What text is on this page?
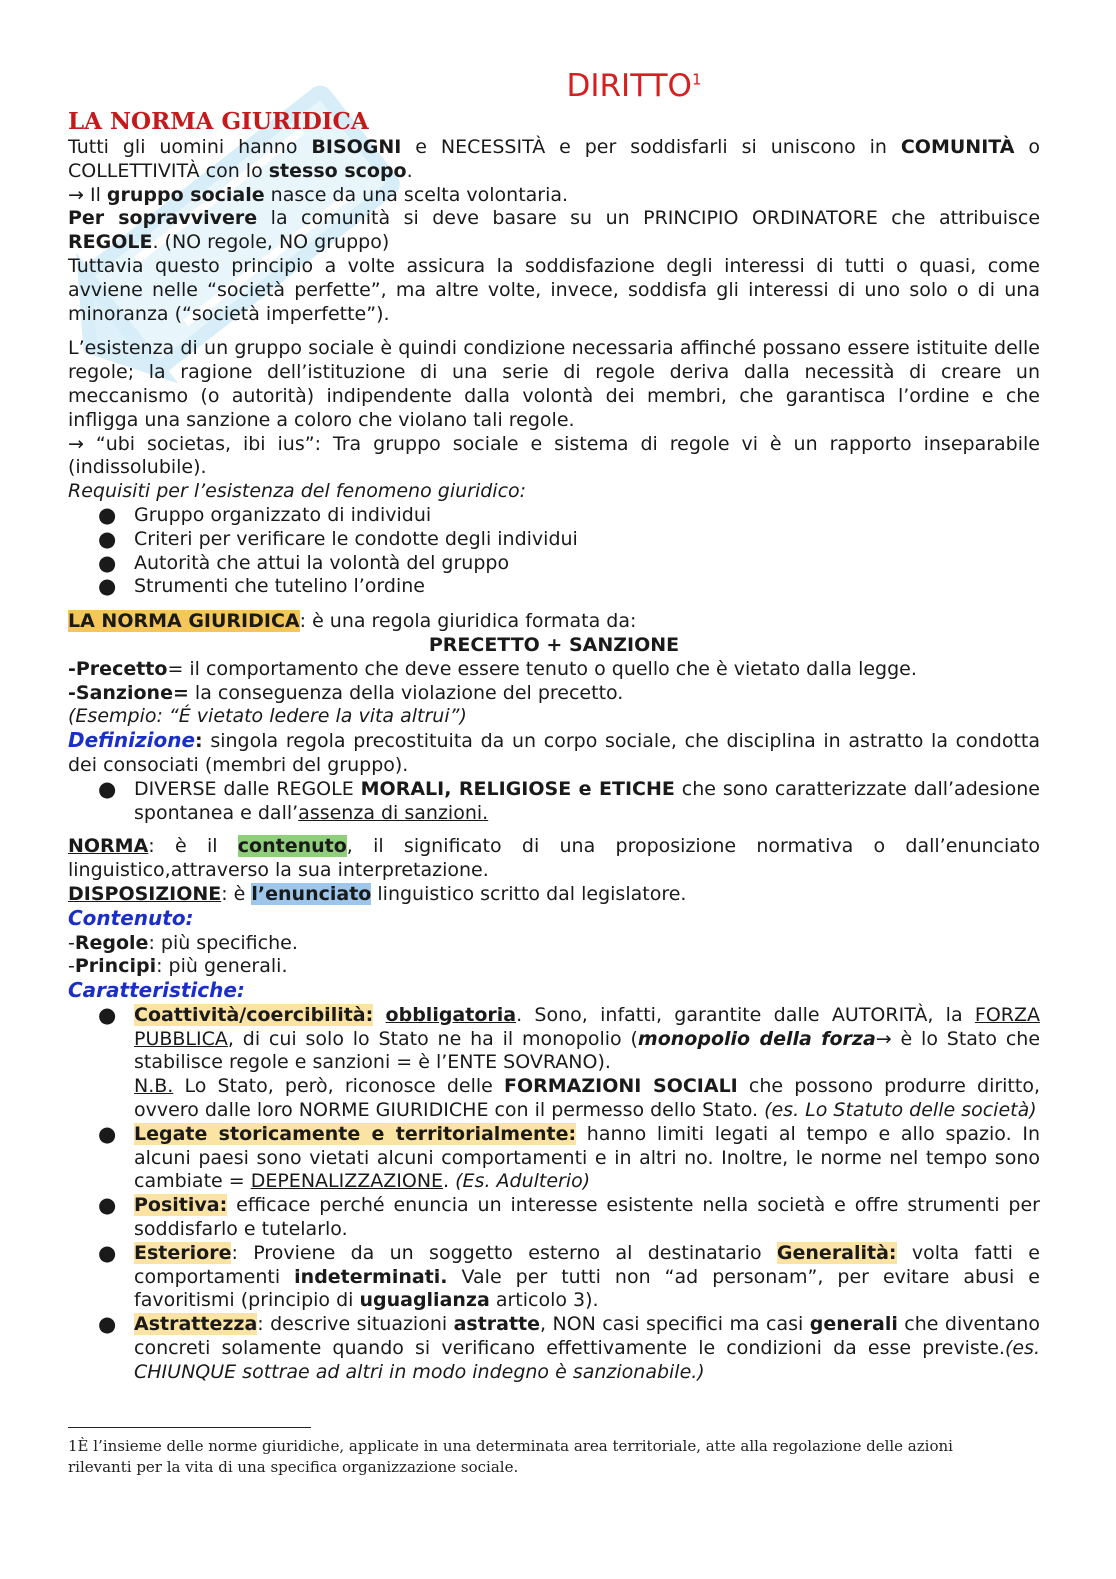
DIRITTO$^1$
LA NORMA GIURIDICA

Tutti gli uomini hanno BISOGNI e NECESSITÀ e per soddisfarli si uniscono in COMUNITÀ o COLLETTIVITÀ con lo stesso scopo.

→ Il gruppo sociale nasce da una scelta volontaria.

Per sopravvivere la comunità si deve basare su un PRINCIPIO ORDINATORE che attribuisce REGOLE. (NO regole, NO gruppo)

Tuttavia questo principio a volte assicura la soddisfazione degli interessi di tutti o quasi, come avviene nelle “società perfette”, ma altre volte, invece, soddisfa gli interessi di uno solo o di una minoranza (“società imperfette”).

L’esistenza di un gruppo sociale è quindi condizione necessaria affinché possano essere istituite delle regole; la ragione dell’istituzione di una serie di regole deriva dalla necessità di creare un meccanismo (o autorità) indipendente dalla volontà dei membri, che garantisca l’ordine e che infligga una sanzione a coloro che violano tali regole.

→ “ubi societas, ibi ius”: Tra gruppo sociale e sistema di regole vi è un rapporto inseparabile (indissolubile).

Requisiti per l’esistenza del fenomeno giuridico:

● Gruppo organizzato di individui
● Criteri per verificare le condotte degli individui
● Autorità che attui la volontà del gruppo
● Strumenti che tutelino l’ordine

LA NORMA GIURIDICA: è una regola giuridica formata da:

PRECETTO + SANZIONE

-Precetto= il comportamento che deve essere tenuto o quello che è vietato dalla legge.

-Sanzione= la conseguenza della violazione del precetto.

(Esempio: “É vietato ledere la vita altrui”)

Definizione: singola regola precostituita da un corpo sociale, che disciplina in astratto la condotta dei consociati (membri del gruppo).

● DIVERSE dalle REGOLE MORALI, RELIGIOSE e ETICHE che sono caratterizzate dall’adesione spontanea e dall’assenza di sanzioni.

NORMA: è il contenuto, il significato di una proposizione normativa o dall’enunciato linguistico,attraverso la sua interpretazione.

DISPOSIZIONE: è l’enunciato linguistico scritto dal legislatore.

Contenuto:

-Regole: più specifiche.

-Principi: più generali.

Caratteristiche:

● Coattività/coercibilità: obbligatoria. Sono, infatti, garantite dalle AUTORITÀ, la FORZA PUBBLICA, di cui solo lo Stato ne ha il monopolio (monopolio della forza→ è lo Stato che stabilisce regole e sanzioni = è l’ENTE SOVRANO).
N.B. Lo Stato, però, riconosce delle FORMAZIONI SOCIALI che possono produrre diritto, ovvero dalle loro NORME GIURIDICHE con il permesso dello Stato. (es. Lo Statuto delle società)
● Legate storicamente e territorialmente: hanno limiti legati al tempo e allo spazio. In alcuni paesi sono vietati alcuni comportamenti e in altri no. Inoltre, le norme nel tempo sono cambiate = DEPENALIZZAZIONE. (Es. Adulterio)
● Positiva: efficace perché enuncia un interesse esistente nella società e offre strumenti per soddisfarlo e tutelarlo.
● Esteriore: Proviene da un soggetto esterno al destinatario Generalità: volta fatti e comportamenti indeterminati. Vale per tutti non “ad personam”, per evitare abusi e favoritismi (principio di uguaglianza articolo 3).
● Astrattezza: descrive situazioni astratte, NON casi specifici ma casi generali che diventano concreti solamente quando si verificano effettivamente le condizioni da esse previste.(es. CHIUNQUE sottrae ad altri in modo indegno è sanzionabile.)
1È l’insieme delle norme giuridiche, applicate in una determinata area territoriale, atte alla regolazione delle azioni rilevanti per la vita di una specifica organizzazione sociale.
